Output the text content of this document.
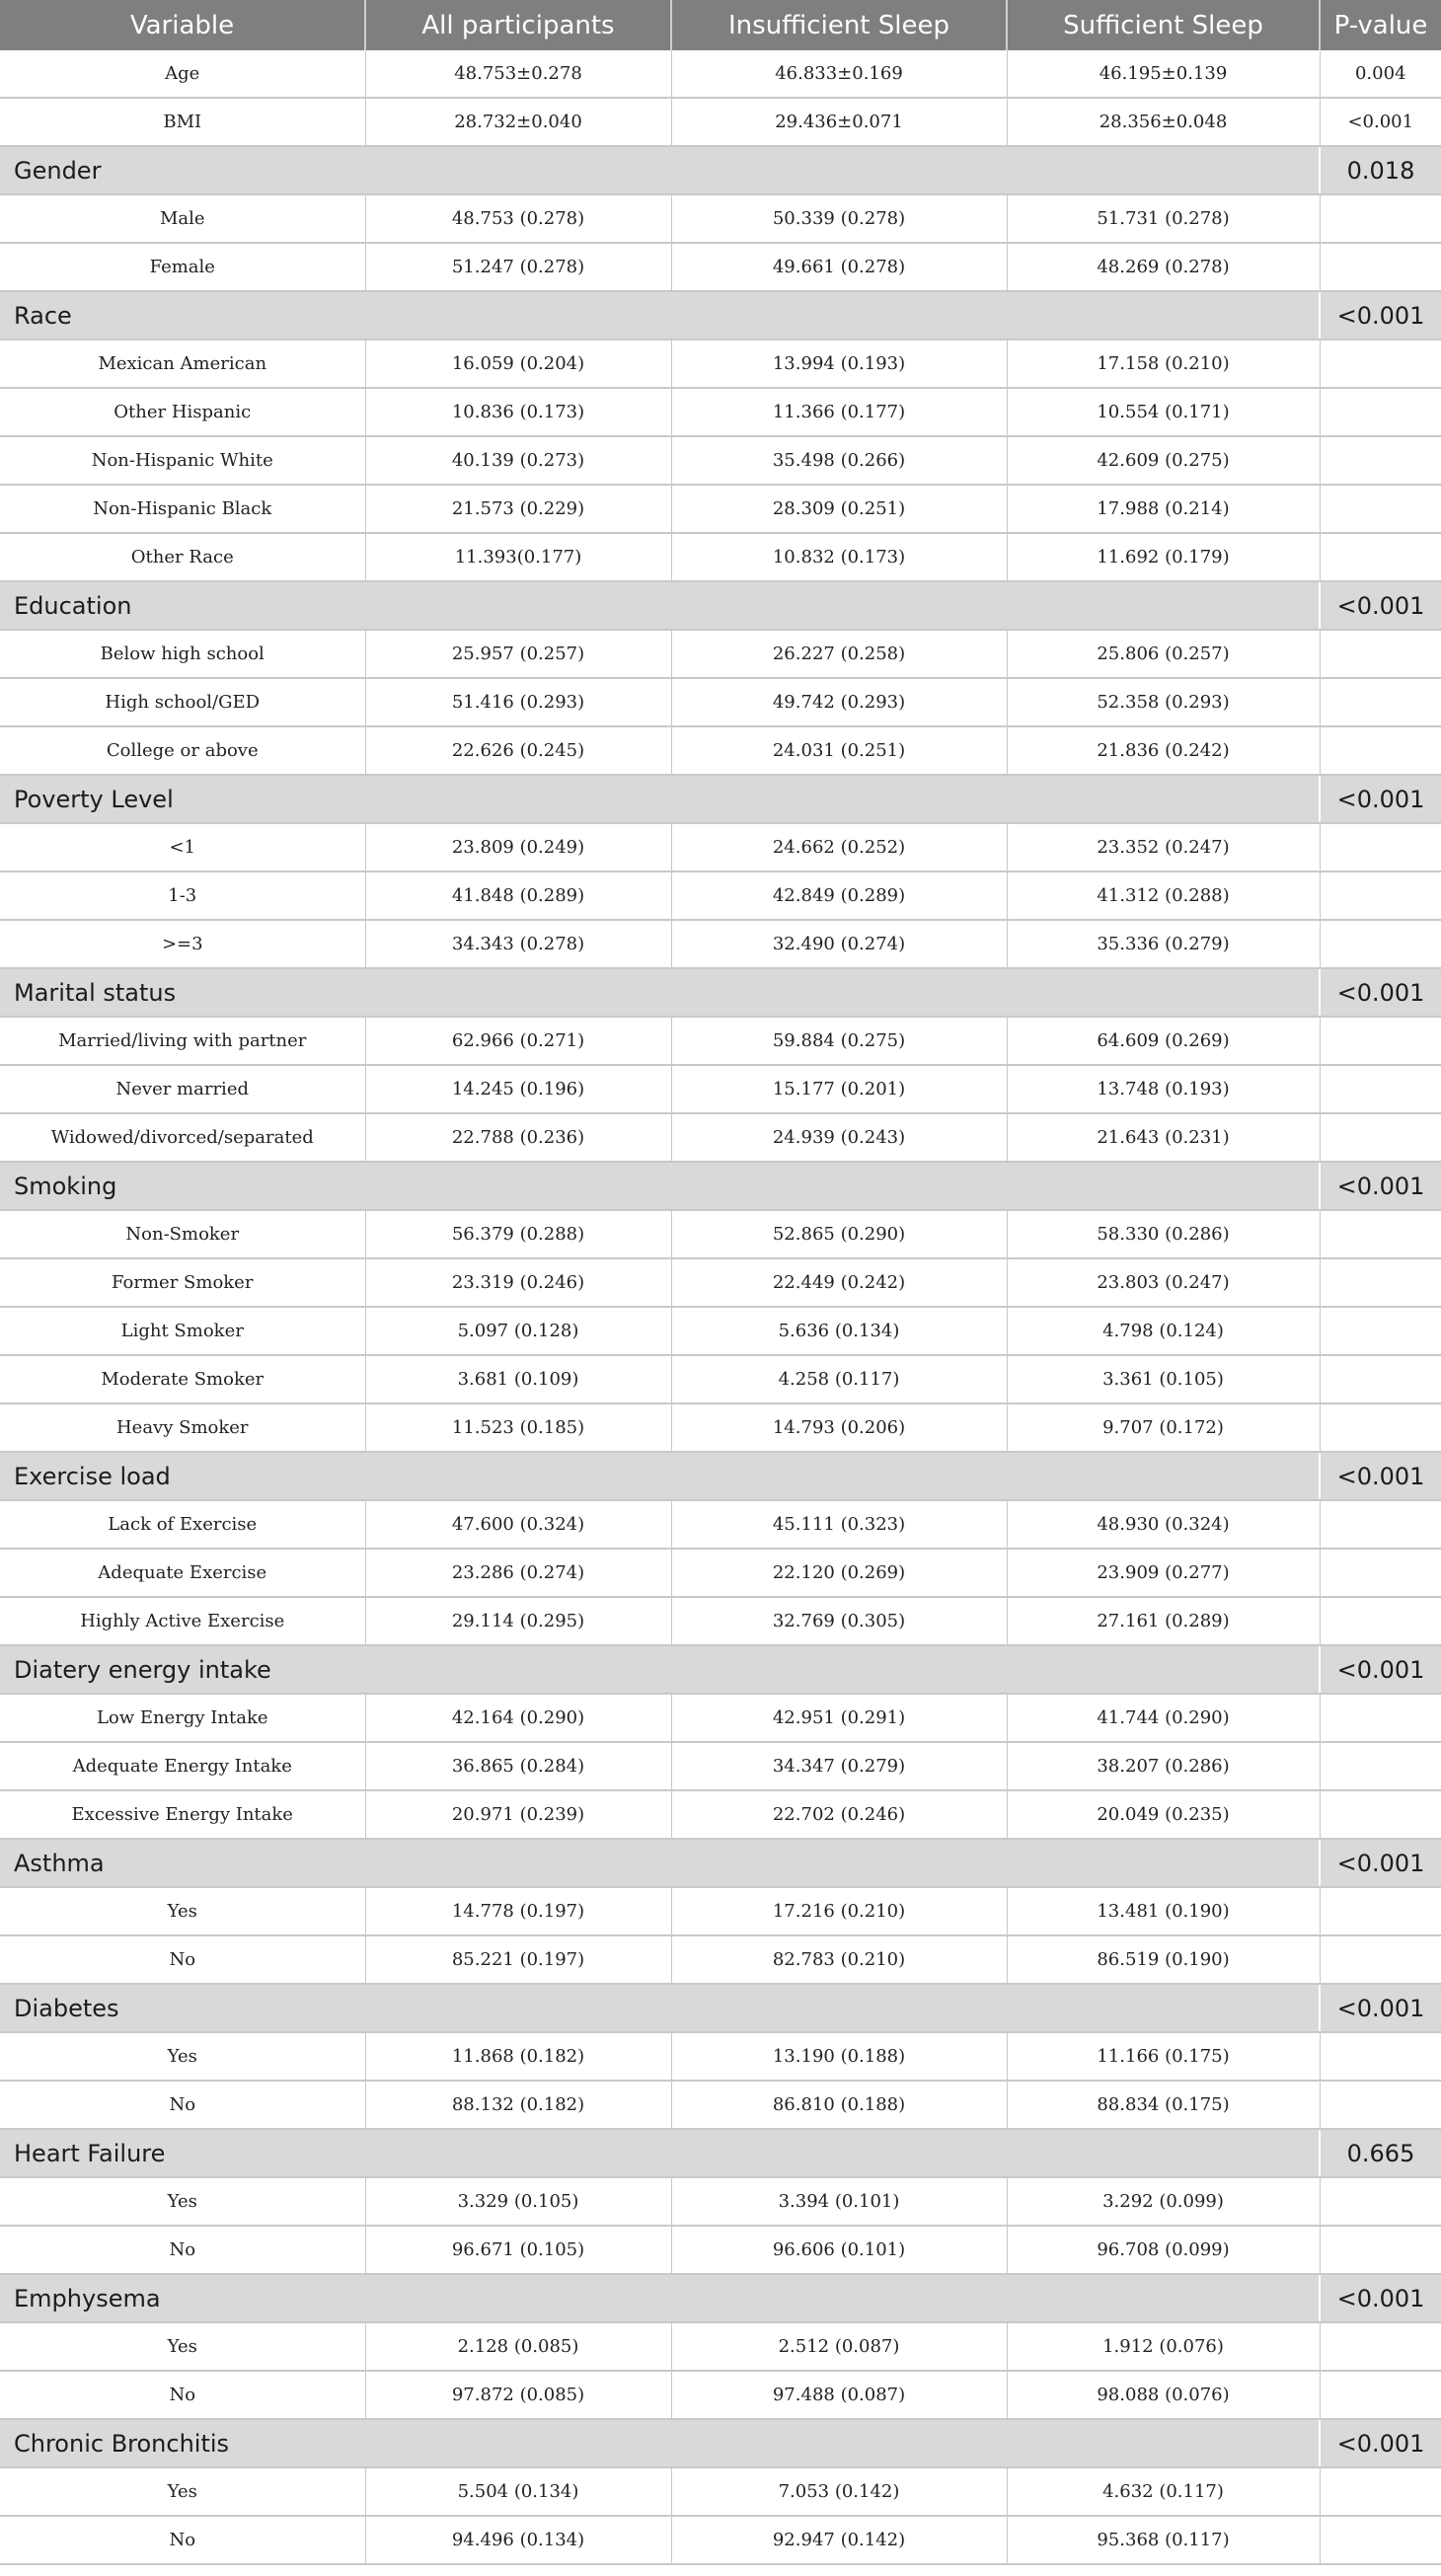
Variable	All participants	Insufficient Sleep	Sufficient Sleep	P-value
Age	48.753±0.278	46.833±0.169	46.195±0.139	0.004
BMI	28.732±0.040	29.436±0.071	28.356±0.048	<0.001
Gender				0.018
Male	48.753 (0.278)	50.339 (0.278)	51.731 (0.278)	
Female	51.247 (0.278)	49.661 (0.278)	48.269 (0.278)	
Race				<0.001
Mexican American	16.059 (0.204)	13.994 (0.193)	17.158 (0.210)	
Other Hispanic	10.836 (0.173)	11.366 (0.177)	10.554 (0.171)	
Non-Hispanic White	40.139 (0.273)	35.498 (0.266)	42.609 (0.275)	
Non-Hispanic Black	21.573 (0.229)	28.309 (0.251)	17.988 (0.214)	
Other Race	11.393(0.177)	10.832 (0.173)	11.692 (0.179)	
Education				<0.001
Below high school	25.957 (0.257)	26.227 (0.258)	25.806 (0.257)	
High school/GED	51.416 (0.293)	49.742 (0.293)	52.358 (0.293)	
College or above	22.626 (0.245)	24.031 (0.251)	21.836 (0.242)	
Poverty Level				<0.001
<1	23.809 (0.249)	24.662 (0.252)	23.352 (0.247)	
1-3	41.848 (0.289)	42.849 (0.289)	41.312 (0.288)	
>=3	34.343 (0.278)	32.490 (0.274)	35.336 (0.279)	
Marital status				<0.001
Married/living with partner	62.966 (0.271)	59.884 (0.275)	64.609 (0.269)	
Never married	14.245 (0.196)	15.177 (0.201)	13.748 (0.193)	
Widowed/divorced/separated	22.788 (0.236)	24.939 (0.243)	21.643 (0.231)	
Smoking				<0.001
Non-Smoker	56.379 (0.288)	52.865 (0.290)	58.330 (0.286)	
Former Smoker	23.319 (0.246)	22.449 (0.242)	23.803 (0.247)	
Light Smoker	5.097 (0.128)	5.636 (0.134)	4.798 (0.124)	
Moderate Smoker	3.681 (0.109)	4.258 (0.117)	3.361 (0.105)	
Heavy Smoker	11.523 (0.185)	14.793 (0.206)	9.707 (0.172)	
Exercise load				<0.001
Lack of Exercise	47.600 (0.324)	45.111 (0.323)	48.930 (0.324)	
Adequate Exercise	23.286 (0.274)	22.120 (0.269)	23.909 (0.277)	
Highly Active Exercise	29.114 (0.295)	32.769 (0.305)	27.161 (0.289)	
Diatery energy intake				<0.001
Low Energy Intake	42.164 (0.290)	42.951 (0.291)	41.744 (0.290)	
Adequate Energy Intake	36.865 (0.284)	34.347 (0.279)	38.207 (0.286)	
Excessive Energy Intake	20.971 (0.239)	22.702 (0.246)	20.049 (0.235)	
Asthma				<0.001
Yes	14.778 (0.197)	17.216 (0.210)	13.481 (0.190)	
No	85.221 (0.197)	82.783 (0.210)	86.519 (0.190)	
Diabetes				<0.001
Yes	11.868 (0.182)	13.190 (0.188)	11.166 (0.175)	
No	88.132 (0.182)	86.810 (0.188)	88.834 (0.175)	
Heart Failure				0.665
Yes	3.329 (0.105)	3.394 (0.101)	3.292 (0.099)	
No	96.671 (0.105)	96.606 (0.101)	96.708 (0.099)	
Emphysema				<0.001
Yes	2.128 (0.085)	2.512 (0.087)	1.912 (0.076)	
No	97.872 (0.085)	97.488 (0.087)	98.088 (0.076)	
Chronic Bronchitis				<0.001
Yes	5.504 (0.134)	7.053 (0.142)	4.632 (0.117)	
No	94.496 (0.134)	92.947 (0.142)	95.368 (0.117)	
